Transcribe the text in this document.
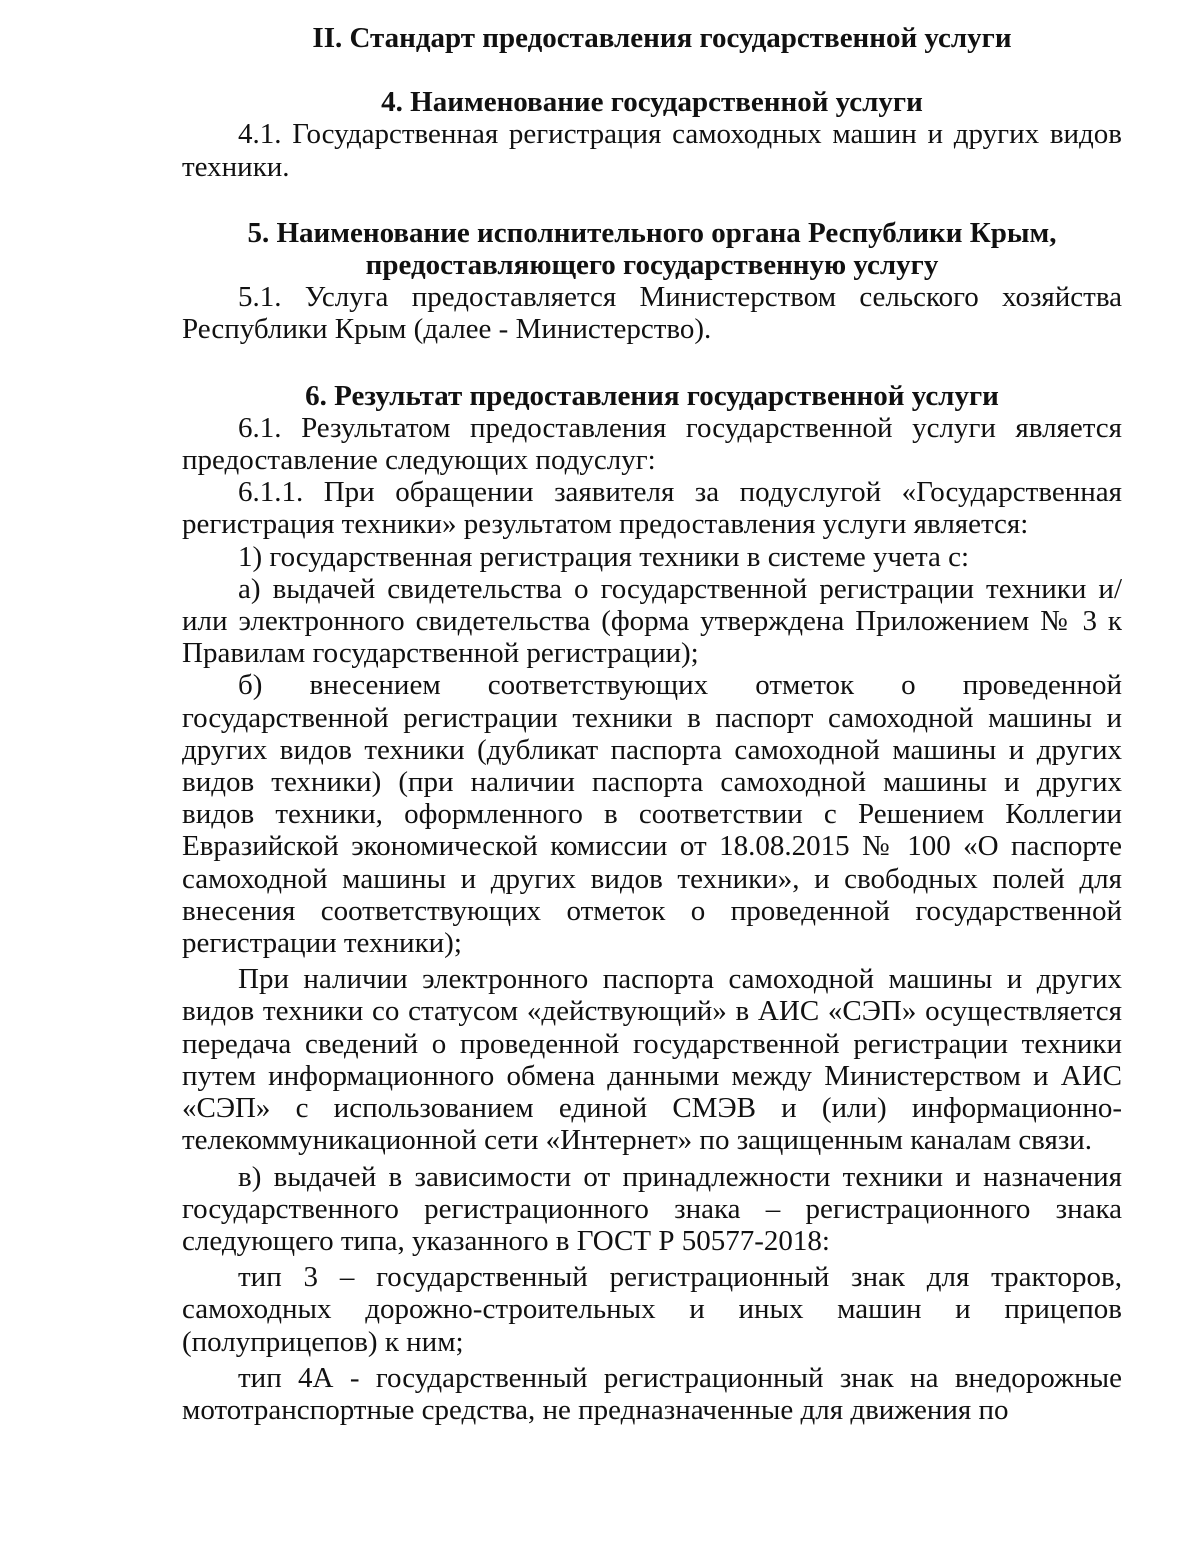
II. Стандарт предоставления государственной услуги

4. Наименование государственной услуги

4.1. Государственная регистрация самоходных машин и других видов техники.

5. Наименование исполнительного органа Республики Крым,

предоставляющего государственную услугу

5.1. Услуга предоставляется Министерством сельского хозяйства Республики Крым (далее - Министерство).

6. Результат предоставления государственной услуги

6.1. Результатом предоставления государственной услуги является предоставление следующих подуслуг:

6.1.1. При обращении заявителя за подуслугой «Государственная регистрация техники» результатом предоставления услуги является:

1) государственная регистрация техники в системе учета с:

а) выдачей свидетельства о государственной регистрации техники и/или электронного свидетельства (форма утверждена Приложением № 3 к Правилам государственной регистрации);

б) внесением соответствующих отметок о проведенной государственной регистрации техники в паспорт самоходной машины и других видов техники (дубликат паспорта самоходной машины и других видов техники) (при наличии паспорта самоходной машины и других видов техники, оформленного в соответствии с Решением Коллегии Евразийской экономической комиссии от 18.08.2015 № 100 «О паспорте самоходной машины и других видов техники», и свободных полей для внесения соответствующих отметок о проведенной государственной регистрации техники);

При наличии электронного паспорта самоходной машины и других видов техники со статусом «действующий» в АИС «СЭП» осуществляется передача сведений о проведенной государственной регистрации техники путем информационного обмена данными между Министерством и АИС «СЭП» с использованием единой СМЭВ и (или) информационно-телекоммуникационной сети «Интернет» по защищенным каналам связи.

в) выдачей в зависимости от принадлежности техники и назначения государственного регистрационного знака – регистрационного знака следующего типа, указанного в ГОСТ Р 50577-2018:

тип 3 – государственный регистрационный знак для тракторов, самоходных дорожно-строительных и иных машин и прицепов (полуприцепов) к ним;

тип 4А - государственный регистрационный знак на внедорожные мототранспортные средства, не предназначенные для движения по
